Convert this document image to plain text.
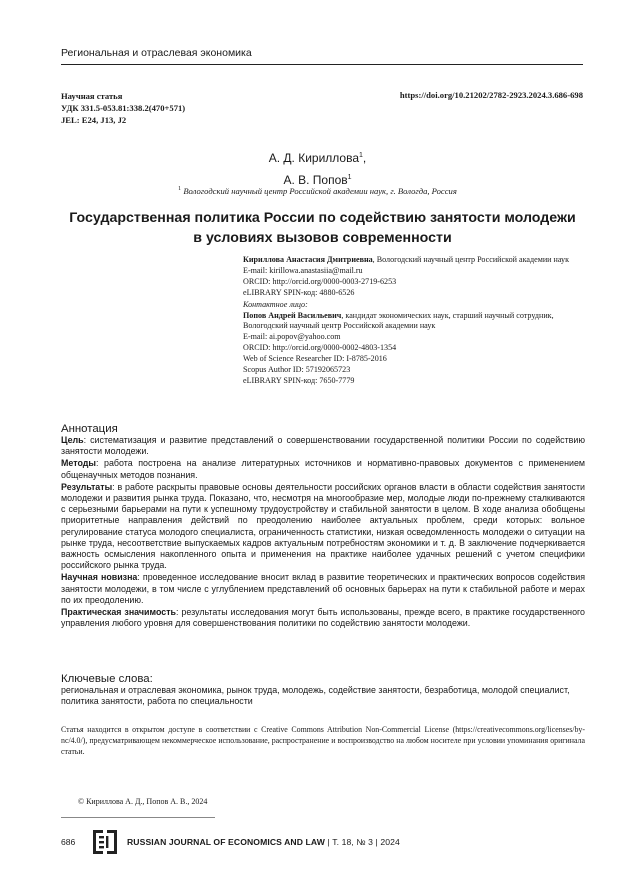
Региональная и отраслевая экономика
Научная статья
УДК 331.5-053.81:338.2(470+571)
JEL: E24, J13, J2
https://doi.org/10.21202/2782-2923.2024.3.686-698
А. Д. Кириллова$^1$,
А. В. Попов$^1$
$^1$ Вологодский научный центр Российской академии наук, г. Вологда, Россия
Государственная политика России по содействию занятости молодежи
в условиях вызовов современности
Кириллова Анастасия Дмитриевна, Вологодский научный центр Российской академии наук
E-mail: kirillowa.anastasiia@mail.ru
ORCID: http://orcid.org/0000-0003-2719-6253
eLIBRARY SPIN-код: 4880-6526
Контактное лицо:
Попов Андрей Васильевич, кандидат экономических наук, старший научный сотрудник, Вологодский научный центр Российской академии наук
E-mail: ai.popov@yahoo.com
ORCID: http://orcid.org/0000-0002-4803-1354
Web of Science Researcher ID: I-8785-2016
Scopus Author ID: 57192065723
eLIBRARY SPIN-код: 7650-7779
Аннотация

Цель: систематизация и развитие представлений о совершенствовании государственной политики России по содействию занятости молодежи.

Методы: работа построена на анализе литературных источников и нормативно-правовых документов с применением общенаучных методов познания.

Результаты: в работе раскрыты правовые основы деятельности российских органов власти в области содействия занятости молодежи и развития рынка труда. Показано, что, несмотря на многообразие мер, молодые люди по-прежнему сталкиваются с серьезными барьерами на пути к успешному трудоустройству и стабильной занятости в целом. В ходе анализа обобщены приоритетные направления действий по преодолению наиболее актуальных проблем, среди которых: вольное регулирование статуса молодого специалиста, ограниченность статистики, низкая осведомленность молодежи о ситуации на рынке труда, несоответствие выпускаемых кадров актуальным потребностям экономики и т. д. В заключение подчеркивается важность осмысления накопленного опыта и применения на практике наиболее удачных решений с учетом специфики российского рынка труда.

Научная новизна: проведенное исследование вносит вклад в развитие теоретических и практических вопросов содействия занятости молодежи, в том числе с углублением представлений об основных барьерах на пути к стабильной работе и мерах по их преодолению.

Практическая значимость: результаты исследования могут быть использованы, прежде всего, в практике государственного управления любого уровня для совершенствования политики по содействию занятости молодежи.

Ключевые слова:
региональная и отраслевая экономика, рынок труда, молодежь, содействие занятости, безработица, молодой специалист, политика занятости, работа по специальности
Статья находится в открытом доступе в соответствии с Creative Commons Attribution Non-Commercial License (https://creativecommons.org/licenses/by-nc/4.0/), предусматривающем некоммерческое использование, распространение и воспроизводство на любом носителе при условии упоминания оригинала статьи.
© Кириллова А. Д., Попов А. В., 2024
686	RUSSIAN JOURNAL OF ECONOMICS AND LAW | Т. 18, № 3 | 2024
